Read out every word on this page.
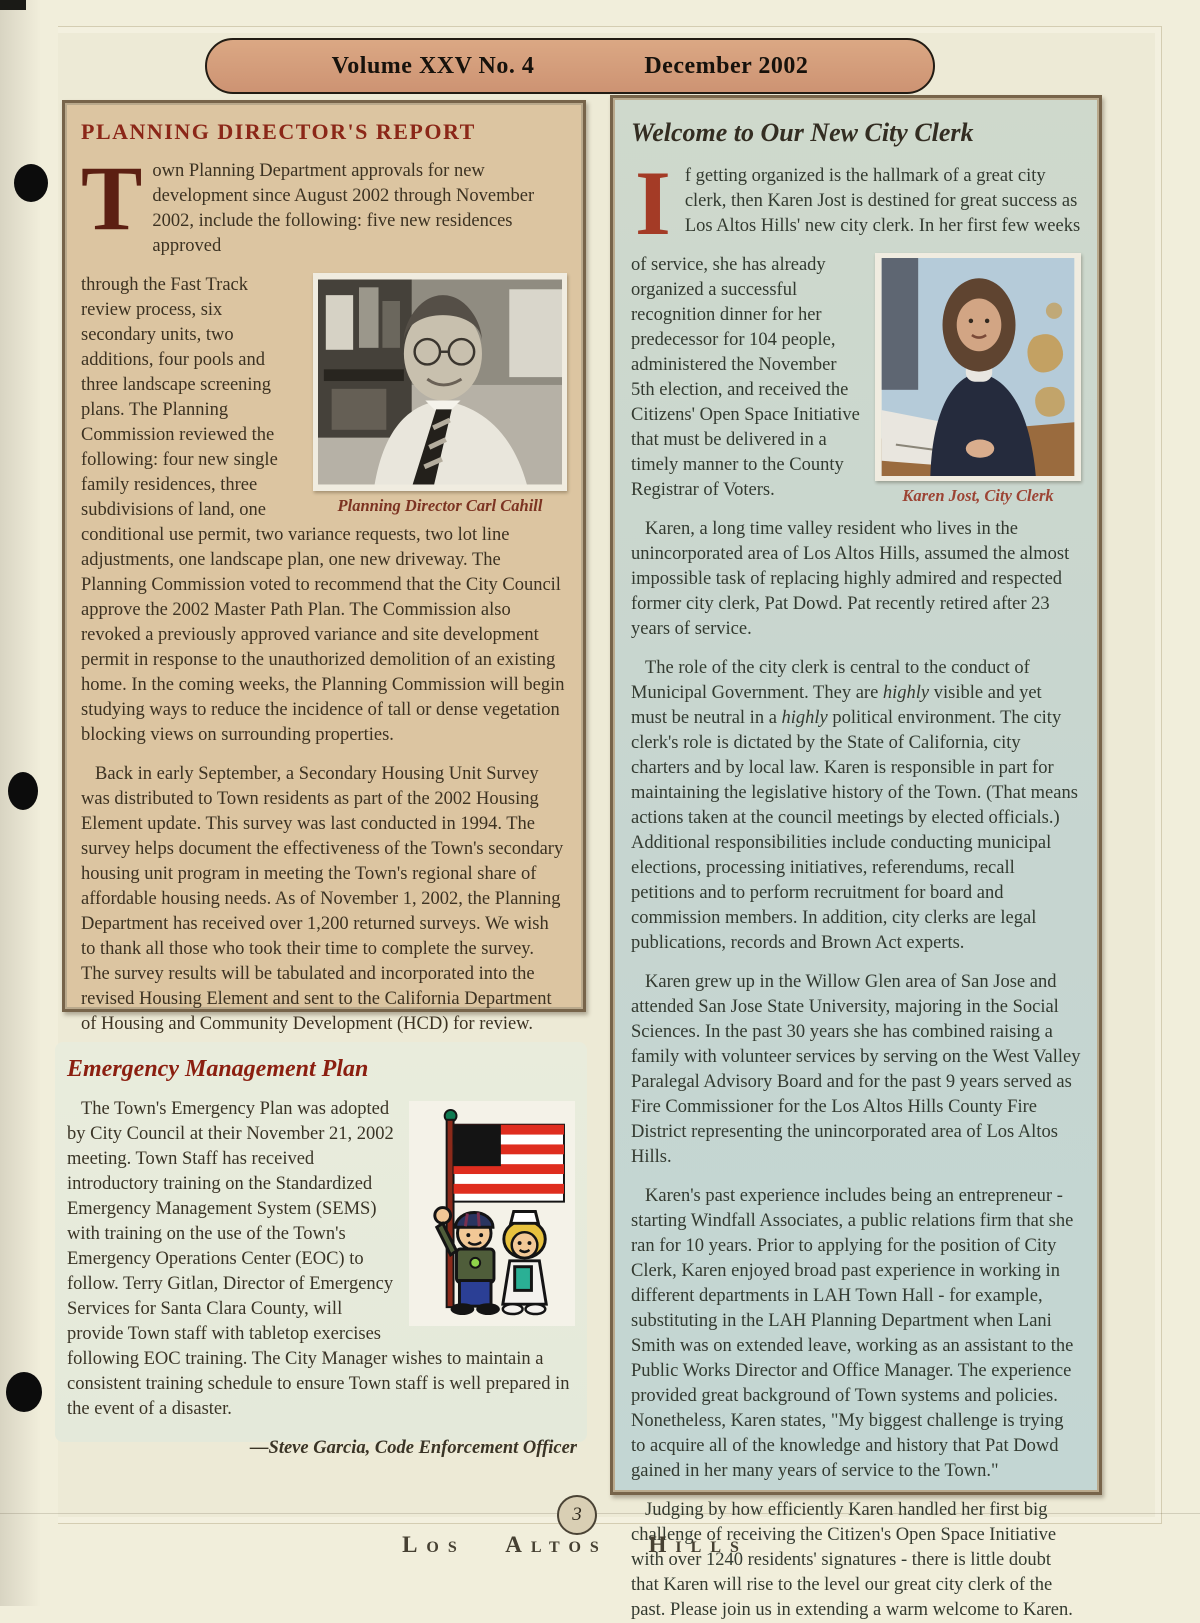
Volume XXV No. 4	December 2002
PLANNING DIRECTOR'S REPORT

Town Planning Department approvals for new development since August 2002 through November 2002, include the following: five new residences approved

Planning Director Carl Cahill

through the Fast Track review process, six secondary units, two additions, four pools and three landscape screening plans. The Planning Commission reviewed the following: four new single family residences, three subdivisions of land, one conditional use permit, two variance requests, two lot line adjustments, one landscape plan, one new driveway. The Planning Commission voted to recommend that the City Council approve the 2002 Master Path Plan. The Commission also revoked a previously approved variance and site development permit in response to the unauthorized demolition of an existing home. In the coming weeks, the Planning Commission will begin studying ways to reduce the incidence of tall or dense vegetation blocking views on surrounding properties.

Back in early September, a Secondary Housing Unit Survey was distributed to Town residents as part of the 2002 Housing Element update. This survey was last conducted in 1994. The survey helps document the effectiveness of the Town's secondary housing unit program in meeting the Town's regional share of affordable housing needs. As of November 1, 2002, the Planning Department has received over 1,200 returned surveys. We wish to thank all those who took their time to complete the survey. The survey results will be tabulated and incorporated into the revised Housing Element and sent to the California Department of Housing and Community Development (HCD) for review.

Emergency Management Plan

The Town's Emergency Plan was adopted by City Council at their November 21, 2002 meeting. Town Staff has received introductory training on the Standardized Emergency Management System (SEMS) with training on the use of the Town's Emergency Operations Center (EOC) to follow. Terry Gitlan, Director of Emergency Services for Santa Clara County, will provide Town staff with tabletop exercises following EOC training. The City Manager wishes to maintain a consistent training schedule to ensure Town staff is well prepared in the event of a disaster.

—Steve Garcia, Code Enforcement Officer

Welcome to Our New City Clerk

If getting organized is the hallmark of a great city clerk, then Karen Jost is destined for great success as Los Altos Hills' new city clerk. In her first few weeks

Karen Jost, City Clerk

of service, she has already organized a successful recognition dinner for her predecessor for 104 people, administered the November 5th election, and received the Citizens' Open Space Initiative that must be delivered in a timely manner to the County Registrar of Voters.

Karen, a long time valley resident who lives in the unincorporated area of Los Altos Hills, assumed the almost impossible task of replacing highly admired and respected former city clerk, Pat Dowd. Pat recently retired after 23 years of service.

The role of the city clerk is central to the conduct of Municipal Government. They are highly visible and yet must be neutral in a highly political environment. The city clerk's role is dictated by the State of California, city charters and by local law. Karen is responsible in part for maintaining the legislative history of the Town. (That means actions taken at the council meetings by elected officials.) Additional responsibilities include conducting municipal elections, processing initiatives, referendums, recall petitions and to perform recruitment for board and commission members. In addition, city clerks are legal publications, records and Brown Act experts.

Karen grew up in the Willow Glen area of San Jose and attended San Jose State University, majoring in the Social Sciences. In the past 30 years she has combined raising a family with volunteer services by serving on the West Valley Paralegal Advisory Board and for the past 9 years served as Fire Commissioner for the Los Altos Hills County Fire District representing the unincorporated area of Los Altos Hills.

Karen's past experience includes being an entrepreneur - starting Windfall Associates, a public relations firm that she ran for 10 years. Prior to applying for the position of City Clerk, Karen enjoyed broad past experience in working in different departments in LAH Town Hall - for example, substituting in the LAH Planning Department when Lani Smith was on extended leave, working as an assistant to the Public Works Director and Office Manager. The experience provided great background of Town systems and policies. Nonetheless, Karen states, "My biggest challenge is trying to acquire all of the knowledge and history that Pat Dowd gained in her many years of service to the Town."

Judging by how efficiently Karen handled her first big challenge of receiving the Citizen's Open Space Initiative with over 1240 residents' signatures - there is little doubt that Karen will rise to the level our great city clerk of the past. Please join us in extending a warm welcome to Karen.

3
Los Altos Hills
